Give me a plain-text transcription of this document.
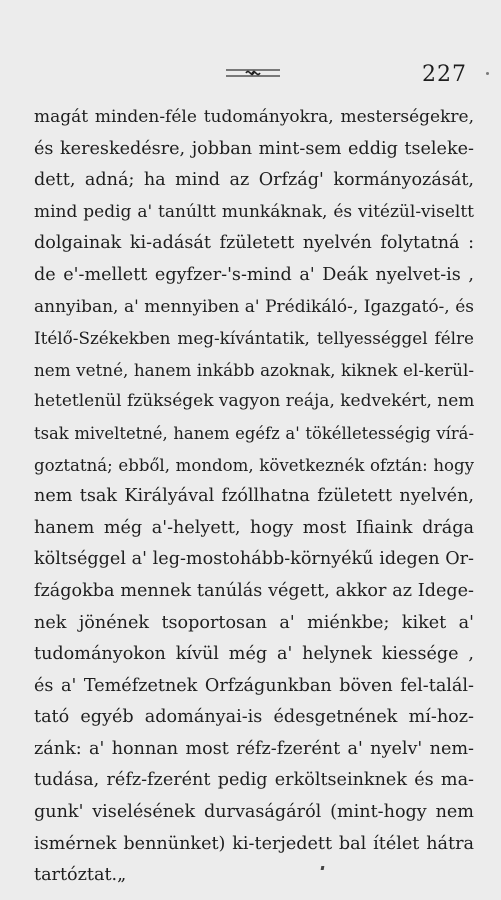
227
magát minden-féle tudományokra, mesterségekre,
és kereskedésre, jobban mint-sem eddig tseleke-
dett, adná; ha mind az Orfzág' kormányozását,
mind pedig a' tanúltt munkáknak, és vitézül-viseltt
dolgainak ki-adását fzületett nyelvén folytatná :
de e'-mellett egyfzer-'s-mind a' Deák nyelvet-is ,
annyiban, a' mennyiben a' Prédikáló-, Igazgató-, és
Itélő-Székekben meg-kívántatik, tellyességgel félre
nem vetné, hanem inkább azoknak, kiknek el-kerül-
hetetlenül fzükségek vagyon reája, kedvekért, nem
tsak miveltetné, hanem egéfz a' tökélletességig vírá-
goztatná; ebből, mondom, következnék ofztán: hogy
nem tsak Királyával fzóllhatna fzületett nyelvén,
hanem még a'-helyett, hogy most Ifiaink drága
költséggel a' leg-mostohább-környékű idegen Or-
fzágokba mennek tanúlás végett, akkor az Idege-
nek jönének tsoportosan a' miénkbe; kiket a'
tudományokon kívül még a' helynek kiessége ,
és a' Teméfzetnek Orfzágunkban böven fel-talál-
tató egyéb adományai-is édesgetnének mí-hoz-
zánk: a' honnan most réfz-fzerént a' nyelv' nem-
tudása, réfz-fzerént pedig erköltseinknek és ma-
gunk' viselésének durvaságáról (mint-hogy nem
ismérnek bennünket) ki-terjedett bal ítélet hátra
tartóztat.„
